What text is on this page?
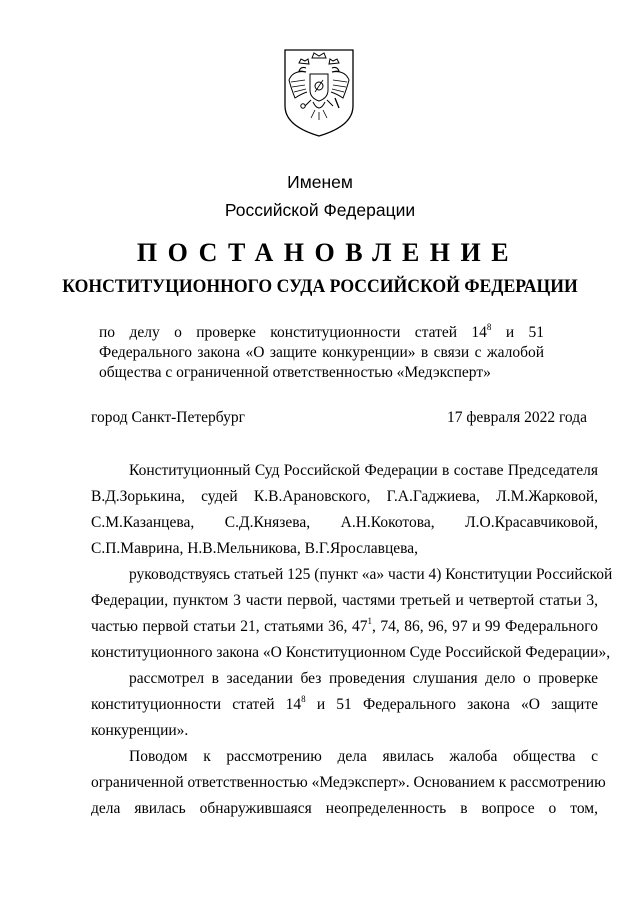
Именем
Российской Федерации
ПОСТАНОВЛЕНИЕ
КОНСТИТУЦИОННОГО СУДА РОССИЙСКОЙ ФЕДЕРАЦИИ
по делу о проверке конституционности статей $14^8$ и 51
Федерального закона «О защите конкуренции» в связи с жалобой
общества с ограниченной ответственностью «Медэксперт»
город Санкт-Петербург	17 февраля 2022 года
Конституционный Суд Российской Федерации в составе Председателя
В.Д.Зорькина, судей К.В.Арановского, Г.А.Гаджиева, Л.М.Жарковой,
С.М.Казанцева, С.Д.Князева, А.Н.Кокотова, Л.О.Красавчиковой,
С.П.Маврина, Н.В.Мельникова, В.Г.Ярославцева,
руководствуясь статьей 125 (пункт «а» части 4) Конституции Российской
Федерации, пунктом 3 части первой, частями третьей и четвертой статьи 3,
частью первой статьи 21, статьями 36, $47^1$, 74, 86, 96, 97 и 99 Федерального
конституционного закона «О Конституционном Суде Российской Федерации»,
рассмотрел в заседании без проведения слушания дело о проверке
конституционности статей $14^8$ и 51 Федерального закона «О защите
конкуренции».
Поводом к рассмотрению дела явилась жалоба общества с
ограниченной ответственностью «Медэксперт». Основанием к рассмотрению
дела явилась обнаружившаяся неопределенность в вопросе о том,
